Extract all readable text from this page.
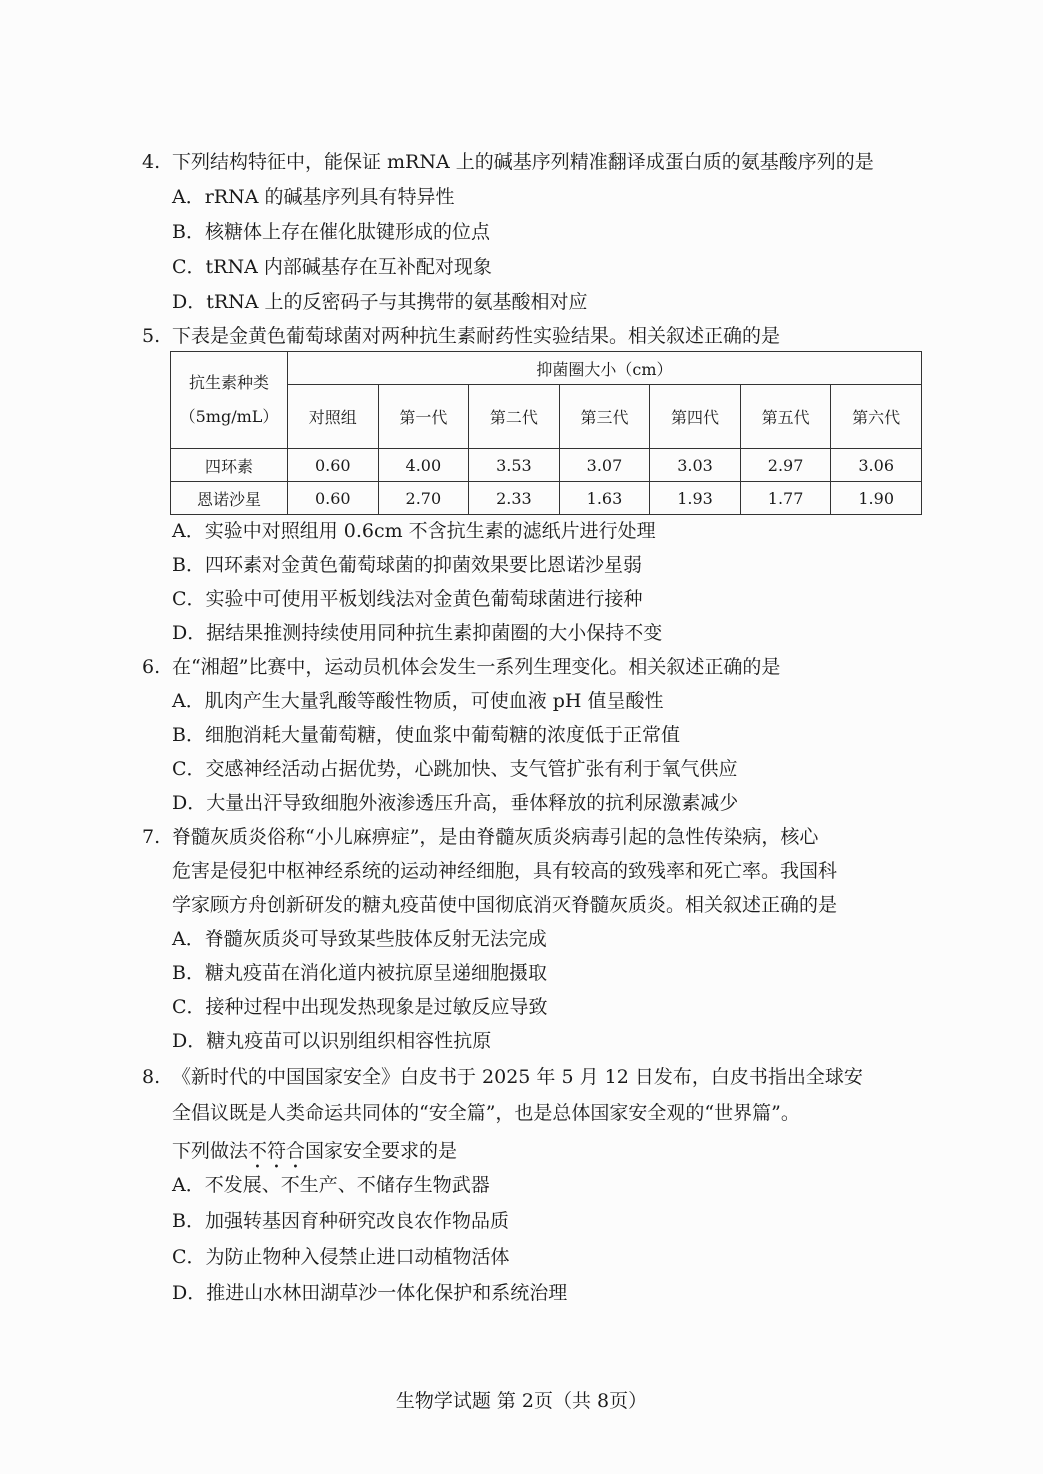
4. 下列结构特征中，能保证 mRNA 上的碱基序列精准翻译成蛋白质的氨基酸序列的是
A．rRNA 的碱基序列具有特异性
B．核糖体上存在催化肽键形成的位点
C．tRNA 内部碱基存在互补配对现象
D．tRNA 上的反密码子与其携带的氨基酸相对应
5. 下表是金黄色葡萄球菌对两种抗生素耐药性实验结果。相关叙述正确的是
抗生素种类
（5mg/mL）	抑菌圈大小（cm）						
	对照组	第一代	第二代	第三代	第四代	第五代	第六代
四环素	0.60	4.00	3.53	3.07	3.03	2.97	3.06
恩诺沙星	0.60	2.70	2.33	1.63	1.93	1.77	1.90
A．实验中对照组用 0.6cm 不含抗生素的滤纸片进行处理
B．四环素对金黄色葡萄球菌的抑菌效果要比恩诺沙星弱
C．实验中可使用平板划线法对金黄色葡萄球菌进行接种
D．据结果推测持续使用同种抗生素抑菌圈的大小保持不变
6. 在“湘超”比赛中，运动员机体会发生一系列生理变化。相关叙述正确的是
A．肌肉产生大量乳酸等酸性物质，可使血液 pH 值呈酸性
B．细胞消耗大量葡萄糖，使血浆中葡萄糖的浓度低于正常值
C．交感神经活动占据优势，心跳加快、支气管扩张有利于氧气供应
D．大量出汗导致细胞外液渗透压升高，垂体释放的抗利尿激素减少
7. 脊髓灰质炎俗称“小儿麻痹症”，是由脊髓灰质炎病毒引起的急性传染病，核心
危害是侵犯中枢神经系统的运动神经细胞，具有较高的致残率和死亡率。我国科
学家顾方舟创新研发的糖丸疫苗使中国彻底消灭脊髓灰质炎。相关叙述正确的是
A．脊髓灰质炎可导致某些肢体反射无法完成
B．糖丸疫苗在消化道内被抗原呈递细胞摄取
C．接种过程中出现发热现象是过敏反应导致
D．糖丸疫苗可以识别组织相容性抗原
8. 《新时代的中国国家安全》白皮书于 2025 年 5 月 12 日发布，白皮书指出全球安
全倡议既是人类命运共同体的“安全篇”，也是总体国家安全观的“世界篇”。
下列做法不符合国家安全要求的是
A．不发展、不生产、不储存生物武器
B．加强转基因育种研究改良农作物品质
C．为防止物种入侵禁止进口动植物活体
D．推进山水林田湖草沙一体化保护和系统治理
生物学试题 第 2页（共 8页）
